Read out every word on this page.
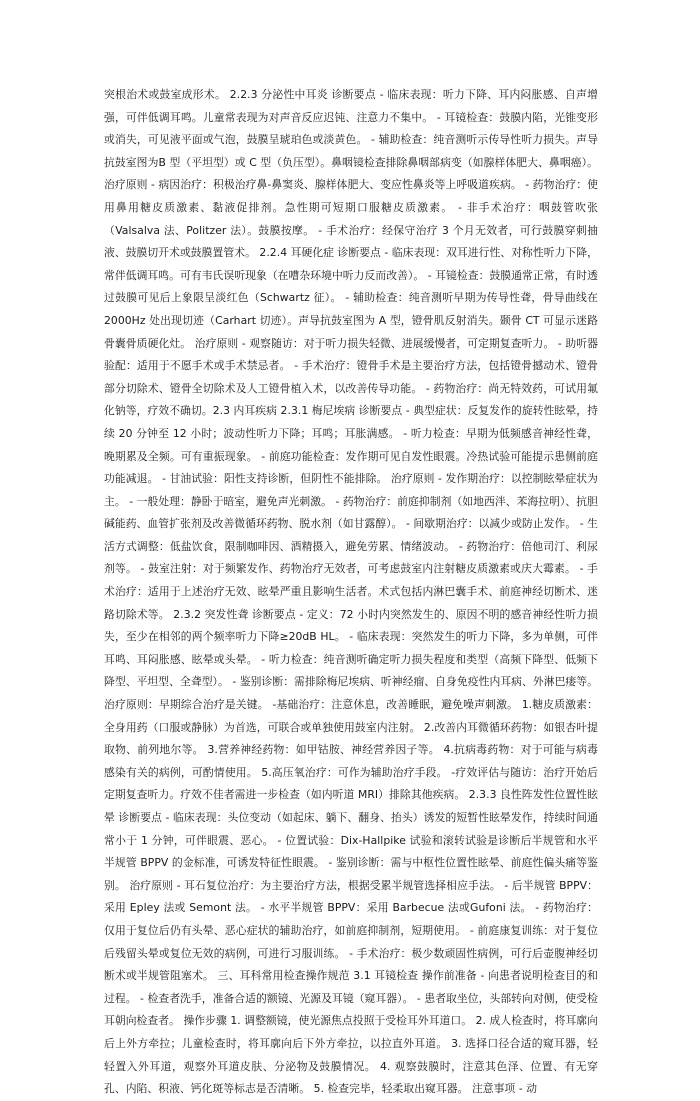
突根治术或鼓室成形术。 2.2.3 分泌性中耳炎 诊断要点 - 临床表现：听力下降、耳内闷胀感、自声增强，可伴低调耳鸣。儿童常表现为对声音反应迟钝、注意力不集中。 - 耳镜检查：鼓膜内陷，光锥变形或消失，可见液平面或气泡，鼓膜呈琥珀色或淡黄色。 - 辅助检查：纯音测听示传导性听力损失。声导抗鼓室图为B 型（平坦型）或 C 型（负压型）。鼻咽镜检查排除鼻咽部病变（如腺样体肥大、鼻咽癌）。治疗原则 - 病因治疗：积极治疗鼻-鼻窦炎、腺样体肥大、变应性鼻炎等上呼吸道疾病。 - 药物治疗：使用鼻用糖皮质激素、黏液促排剂。急性期可短期口服糖皮质激素。 - 非手术治疗：咽鼓管吹张（Valsalva 法、Politzer 法）。鼓膜按摩。 - 手术治疗：经保守治疗 3 个月无效者，可行鼓膜穿刺抽液、鼓膜切开术或鼓膜置管术。 2.2.4 耳硬化症 诊断要点 - 临床表现：双耳进行性、对称性听力下降，常伴低调耳鸣。可有韦氏误听现象（在嘈杂环境中听力反而改善）。 - 耳镜检查：鼓膜通常正常，有时透过鼓膜可见后上象限呈淡红色（Schwartz 征）。 - 辅助检查：纯音测听早期为传导性聋，骨导曲线在 2000Hz 处出现切迹（Carhart 切迹）。声导抗鼓室图为 A 型，镫骨肌反射消失。颞骨 CT 可显示迷路骨囊骨质硬化灶。 治疗原则 - 观察随访：对于听力损失轻微、进展缓慢者，可定期复查听力。 - 助听器验配：适用于不愿手术或手术禁忌者。 - 手术治疗：镫骨手术是主要治疗方法，包括镫骨撼动术、镫骨部分切除术、镫骨全切除术及人工镫骨植入术，以改善传导功能。 - 药物治疗：尚无特效药，可试用氟化钠等，疗效不确切。2.3 内耳疾病 2.3.1 梅尼埃病 诊断要点 - 典型症状：反复发作的旋转性眩晕，持续 20 分钟至 12 小时；波动性听力下降；耳鸣；耳胀满感。 - 听力检查：早期为低频感音神经性聋，晚期累及全频。可有重振现象。 - 前庭功能检查：发作期可见自发性眼震。冷热试验可能提示患侧前庭功能减退。 - 甘油试验：阳性支持诊断，但阴性不能排除。 治疗原则 - 发作期治疗：以控制眩晕症状为主。 - 一般处理：静卧于暗室，避免声光刺激。 - 药物治疗：前庭抑制剂（如地西泮、苯海拉明）、抗胆碱能药、血管扩张剂及改善微循环药物、脱水剂（如甘露醇）。 - 间歇期治疗：以减少或防止发作。 - 生活方式调整：低盐饮食，限制咖啡因、酒精摄入，避免劳累、情绪波动。 - 药物治疗：倍他司汀、利尿剂等。 - 鼓室注射：对于频繁发作、药物治疗无效者，可考虑鼓室内注射糖皮质激素或庆大霉素。 - 手术治疗：适用于上述治疗无效、眩晕严重且影响生活者。术式包括内淋巴囊手术、前庭神经切断术、迷路切除术等。 2.3.2 突发性聋 诊断要点 - 定义：72 小时内突然发生的、原因不明的感音神经性听力损失，至少在相邻的两个频率听力下降≥20dB HL。 - 临床表现：突然发生的听力下降，多为单侧，可伴耳鸣、耳闷胀感、眩晕或头晕。 - 听力检查：纯音测听确定听力损失程度和类型（高频下降型、低频下降型、平坦型、全聋型）。 - 鉴别诊断：需排除梅尼埃病、听神经瘤、自身免疫性内耳病、外淋巴瘘等。 治疗原则：早期综合治疗是关键。 -基础治疗：注意休息，改善睡眠，避免噪声刺激。 1.糖皮质激素：全身用药（口服或静脉）为首选，可联合或单独使用鼓室内注射。 2.改善内耳微循环药物：如银杏叶提取物、前列地尔等。 3.营养神经药物：如甲钴胺、神经营养因子等。 4.抗病毒药物：对于可能与病毒感染有关的病例，可酌情使用。 5.高压氧治疗：可作为辅助治疗手段。 -疗效评估与随访：治疗开始后定期复查听力。疗效不佳者需进一步检查（如内听道 MRI）排除其他疾病。 2.3.3 良性阵发性位置性眩晕 诊断要点 - 临床表现：头位变动（如起床、躺下、翻身、抬头）诱发的短暂性眩晕发作，持续时间通常小于 1 分钟，可伴眼震、恶心。 - 位置试验：Dix-Hallpike 试验和滚转试验是诊断后半规管和水平半规管 BPPV 的金标准，可诱发特征性眼震。 - 鉴别诊断：需与中枢性位置性眩晕、前庭性偏头痛等鉴别。 治疗原则 - 耳石复位治疗：为主要治疗方法，根据受累半规管选择相应手法。 - 后半规管 BPPV：采用 Epley 法或 Semont 法。 - 水平半规管 BPPV：采用 Barbecue 法或Gufoni 法。 - 药物治疗：仅用于复位后仍有头晕、恶心症状的辅助治疗，如前庭抑制剂，短期使用。 - 前庭康复训练：对于复位后残留头晕或复位无效的病例，可进行习服训练。 - 手术治疗：极少数顽固性病例，可行后壶腹神经切断术或半规管阻塞术。 三、耳科常用检查操作规范 3.1 耳镜检查 操作前准备 - 向患者说明检查目的和过程。 - 检查者洗手，准备合适的额镜、光源及耳镜（窥耳器）。 - 患者取坐位，头部转向对侧，使受检耳朝向检查者。 操作步骤 1. 调整额镜，使光源焦点投照于受检耳外耳道口。 2. 成人检查时，将耳廓向后上外方牵拉；儿童检查时，将耳廓向后下外方牵拉，以拉直外耳道。 3. 选择口径合适的窥耳器，轻轻置入外耳道，观察外耳道皮肤、分泌物及鼓膜情况。 4. 观察鼓膜时，注意其色泽、位置、有无穿孔、内陷、积液、钙化斑等标志是否清晰。 5. 检查完毕，轻柔取出窥耳器。 注意事项 - 动
